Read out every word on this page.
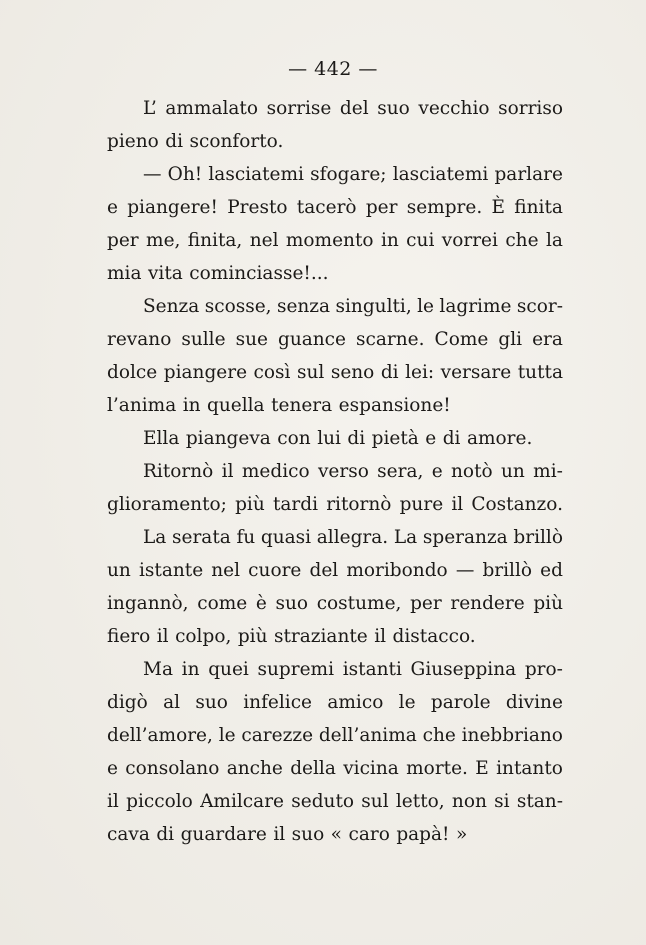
— 442 —
L’ ammalato sorrise del suo vecchio sorriso
pieno di sconforto.
— Oh! lasciatemi sfogare; lasciatemi parlare
e piangere! Presto tacerò per sempre. È finita
per me, finita, nel momento in cui vorrei che la
mia vita cominciasse!...
Senza scosse, senza singulti, le lagrime scor-
revano sulle sue guance scarne. Come gli era
dolce piangere così sul seno di lei: versare tutta
l’anima in quella tenera espansione!
Ella piangeva con lui di pietà e di amore.
Ritornò il medico verso sera, e notò un mi-
glioramento; più tardi ritornò pure il Costanzo.
La serata fu quasi allegra. La speranza brillò
un istante nel cuore del moribondo — brillò ed
ingannò, come è suo costume, per rendere più
fiero il colpo, più straziante il distacco.
Ma in quei supremi istanti Giuseppina pro-
digò al suo infelice amico le parole divine
dell’amore, le carezze dell’anima che inebbriano
e consolano anche della vicina morte. E intanto
il piccolo Amilcare seduto sul letto, non si stan-
cava di guardare il suo « caro papà! »
